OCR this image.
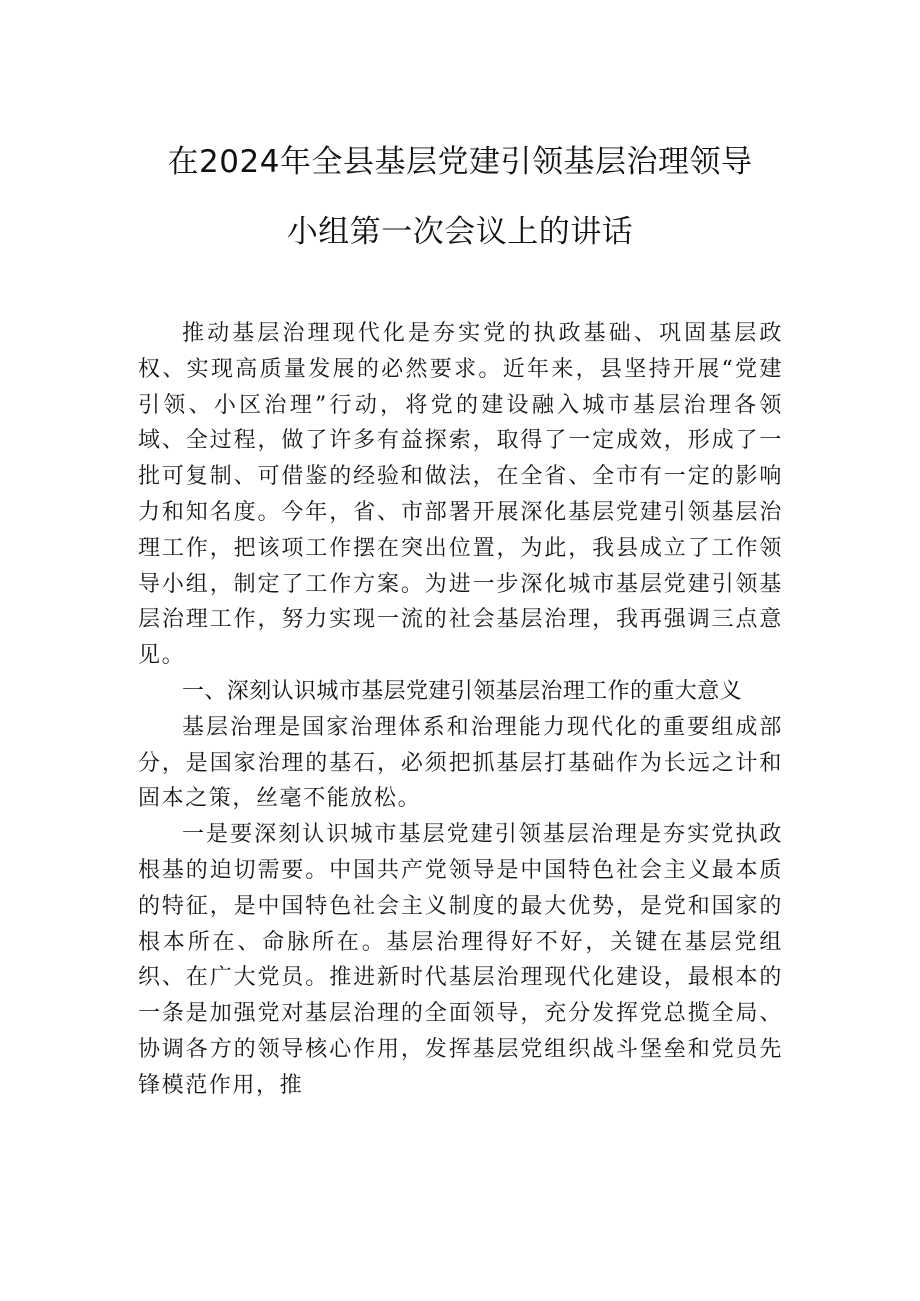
在2024年全县基层党建引领基层治理领导
小组第一次会议上的讲话

推动基层治理现代化是夯实党的执政基础、巩固基层政权、实现高质量发展的必然要求。近年来，县坚持开展“党建引领、小区治理”行动，将党的建设融入城市基层治理各领域、全过程，做了许多有益探索，取得了一定成效，形成了一批可复制、可借鉴的经验和做法，在全省、全市有一定的影响力和知名度。今年，省、市部署开展深化基层党建引领基层治理工作，把该项工作摆在突出位置，为此，我县成立了工作领导小组，制定了工作方案。为进一步深化城市基层党建引领基层治理工作，努力实现一流的社会基层治理，我再强调三点意见。

一、深刻认识城市基层党建引领基层治理工作的重大意义

基层治理是国家治理体系和治理能力现代化的重要组成部分，是国家治理的基石，必须把抓基层打基础作为长远之计和固本之策，丝毫不能放松。

一是要深刻认识城市基层党建引领基层治理是夯实党执政根基的迫切需要。中国共产党领导是中国特色社会主义最本质的特征，是中国特色社会主义制度的最大优势，是党和国家的根本所在、命脉所在。基层治理得好不好，关键在基层党组织、在广大党员。推进新时代基层治理现代化建设，最根本的一条是加强党对基层治理的全面领导，充分发挥党总揽全局、协调各方的领导核心作用，发挥基层党组织战斗堡垒和党员先锋模范作用，推
